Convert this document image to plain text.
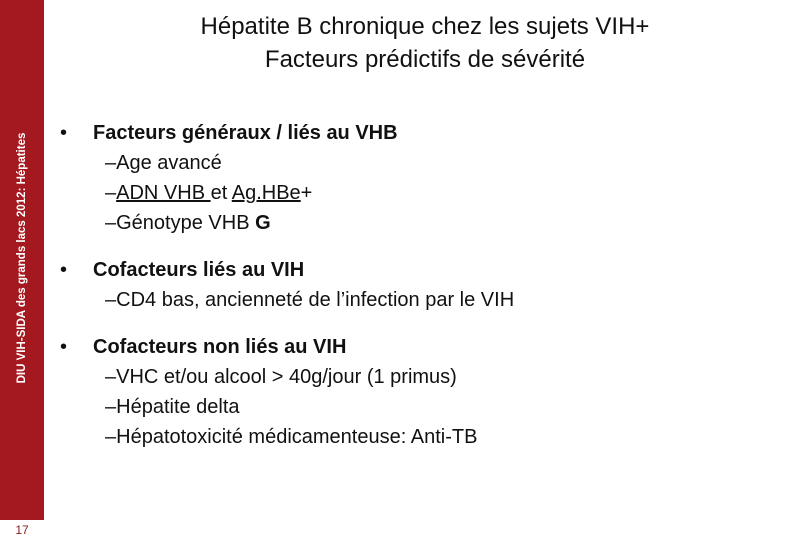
DIU VIH-SIDA des grands lacs 2012: Hépatites
17
Hépatite B chronique chez les sujets VIH+
Facteurs prédictifs de sévérité
•	Facteurs généraux / liés au VHB
–Age avancé
–ADN VHB et Ag.HBe+
–Génotype VHB G
•	Cofacteurs liés au VIH
–CD4 bas, ancienneté de l’infection par le VIH
•	Cofacteurs non liés au VIH
–VHC et/ou alcool > 40g/jour (1 primus)
–Hépatite delta
–Hépatotoxicité médicamenteuse: Anti-TB
